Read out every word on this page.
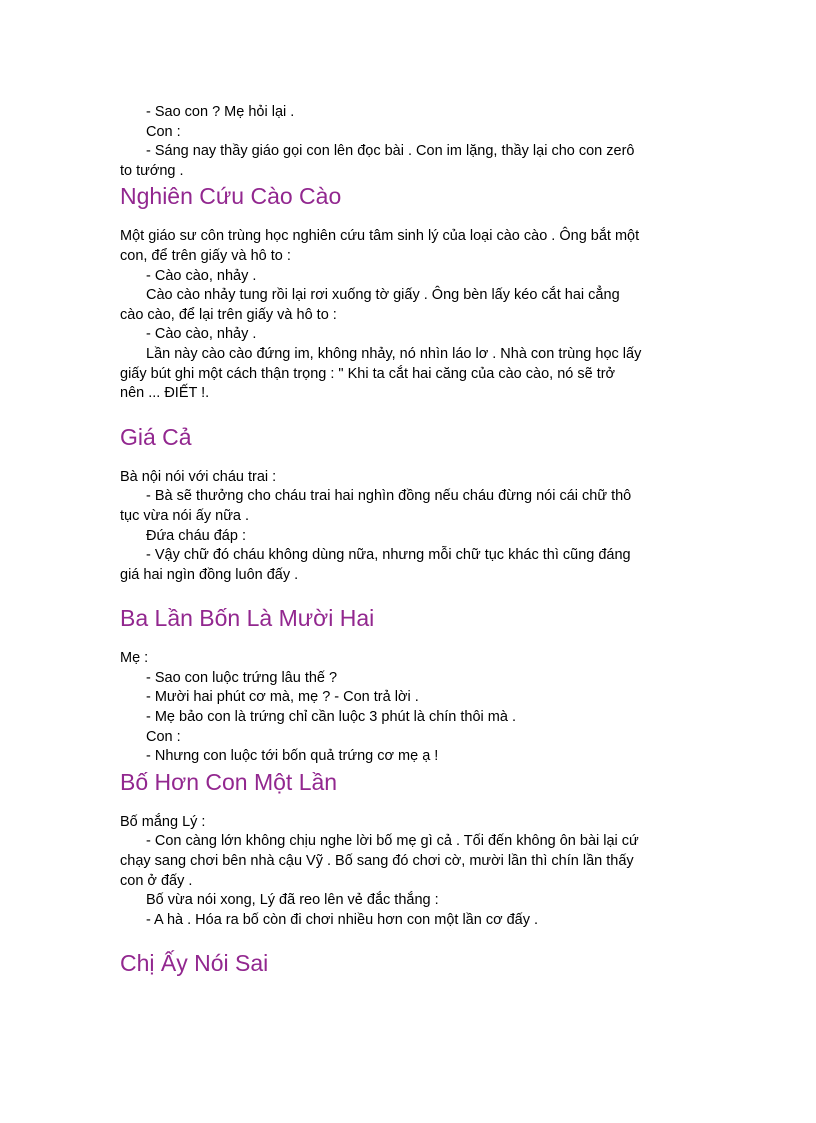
- Sao con ? Mẹ hỏi lại .
Con :
- Sáng nay thầy giáo gọi con lên đọc bài . Con im lặng, thầy lại cho con zerô
to tướng .
Nghiên Cứu Cào Cào
Một giáo sư côn trùng học nghiên cứu tâm sinh lý của loại cào cào . Ông bắt một
con, để trên giấy và hô to :
- Cào cào, nhảy .
Cào cào nhảy tung rồi lại rơi xuống tờ giấy . Ông bèn lấy kéo cắt hai cẳng
cào cào, để lại trên giấy và hô to :
- Cào cào, nhảy .
Lần này cào cào đứng im, không nhảy, nó nhìn láo lơ . Nhà con trùng học lấy
giấy bút ghi một cách thận trọng : " Khi ta cắt hai căng của cào cào, nó sẽ trở
nên ... ĐIẾT !.
Giá Cả
Bà nội nói với cháu trai :
- Bà sẽ thưởng cho cháu trai hai nghìn đồng nếu cháu đừng nói cái chữ thô
tục vừa nói ấy nữa .
Đứa cháu đáp :
- Vậy chữ đó cháu không dùng nữa, nhưng mỗi chữ tục khác thì cũng đáng
giá hai ngìn đồng luôn đấy .
Ba Lần Bốn Là Mười Hai
Mẹ :
- Sao con luộc trứng lâu thế ?
- Mười hai phút cơ mà, mẹ ? - Con trả lời .
- Mẹ bảo con là trứng chỉ cần luộc 3 phút là chín thôi mà .
Con :
- Nhưng con luộc tới bốn quả trứng cơ mẹ ạ !
Bố Hơn Con Một Lần
Bố mắng Lý :
- Con càng lớn không chịu nghe lời bố mẹ gì cả . Tối đến không ôn bài lại cứ
chạy sang chơi bên nhà cậu Vỹ . Bố sang đó chơi cờ, mười lần thì chín lần thấy
con ở đấy .
Bố vừa nói xong, Lý đã reo lên vẻ đắc thắng :
- A hà . Hóa ra bố còn đi chơi nhiều hơn con một lần cơ đấy .
Chị Ấy Nói Sai
